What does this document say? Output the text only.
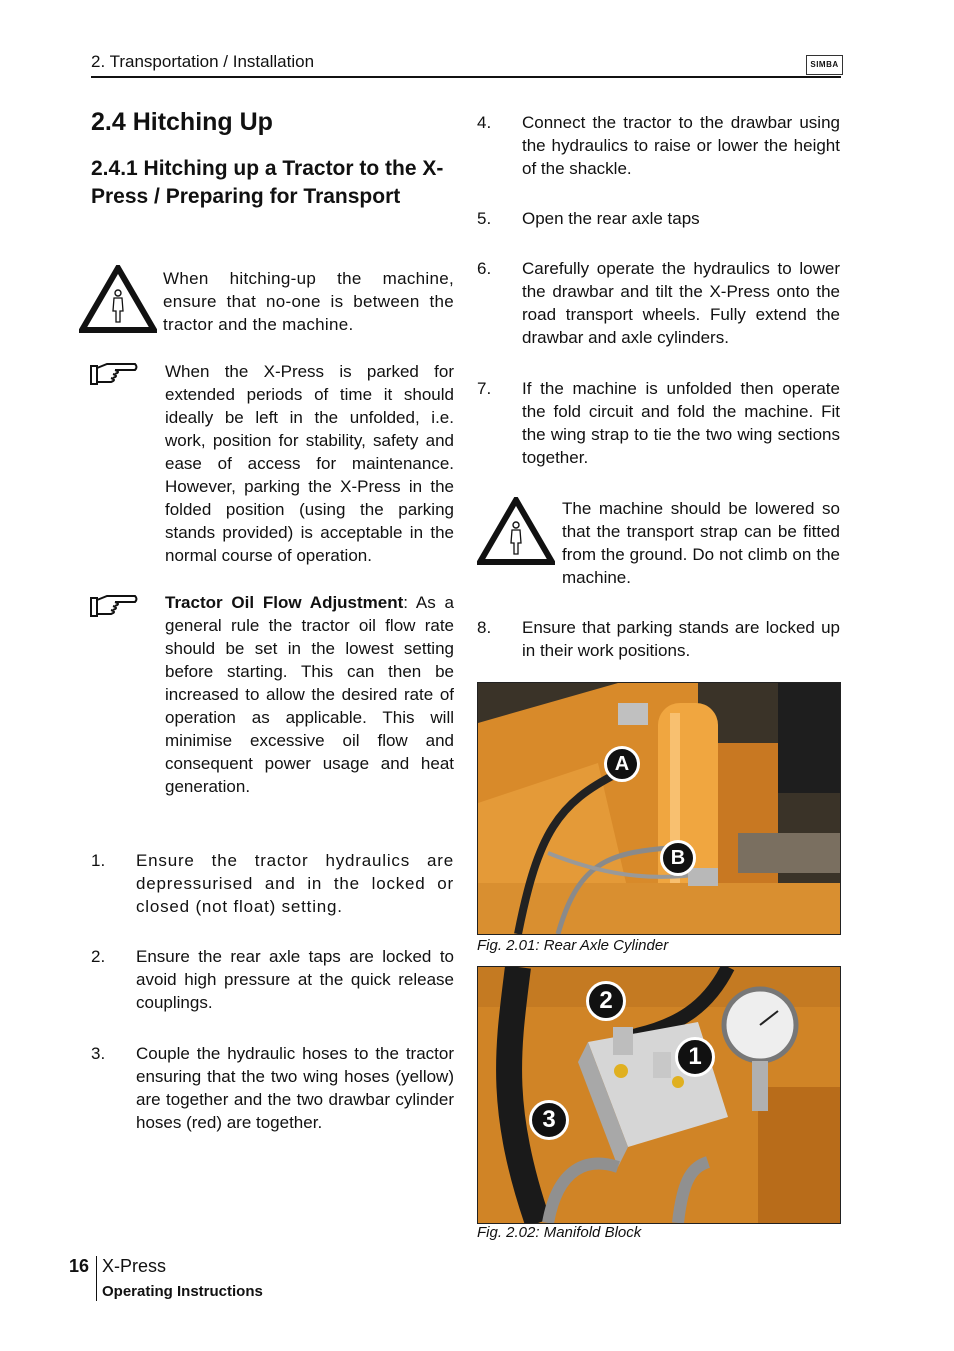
2. Transportation / Installation	SIMBA
2.4 Hitching Up
2.4.1 Hitching up a Tractor to the X-Press / Preparing for Transport
When hitching-up the machine, ensure that no-one is between the tractor and the machine.
When the X-Press is parked for extended periods of time it should ideally be left in the unfolded, i.e. work, position for stability, safety and ease of access for maintenance. However, parking the X-Press in the folded position (using the parking stands provided) is acceptable in the normal course of operation.
Tractor Oil Flow Adjustment: As a general rule the tractor oil flow rate should be set in the lowest setting before starting. This can then be increased to allow the desired rate of operation as applicable. This will minimise excessive oil flow and consequent power usage and heat generation.
1. Ensure the tractor hydraulics are depressurised and in the locked or closed (not float) setting.
2. Ensure the rear axle taps are locked to avoid high pressure at the quick release couplings.
3. Couple the hydraulic hoses to the tractor ensuring that the two wing hoses (yellow) are together and the two drawbar cylinder hoses (red) are together.
4. Connect the tractor to the drawbar using the hydraulics to raise or lower the height of the shackle.
5. Open the rear axle taps
6. Carefully operate the hydraulics to lower the drawbar and tilt the X-Press onto the road transport wheels. Fully extend the drawbar and axle cylinders.
7. If the machine is unfolded then operate the fold circuit and fold the machine. Fit the wing strap to tie the two wing sections together.
The machine should be lowered so that the transport strap can be fitted from the ground. Do not climb on the machine.
8. Ensure that parking stands are locked up in their work positions.
A
B
Fig. 2.01: Rear Axle Cylinder
2
1
3
Fig. 2.02: Manifold Block
16 X-Press
Operating Instructions
